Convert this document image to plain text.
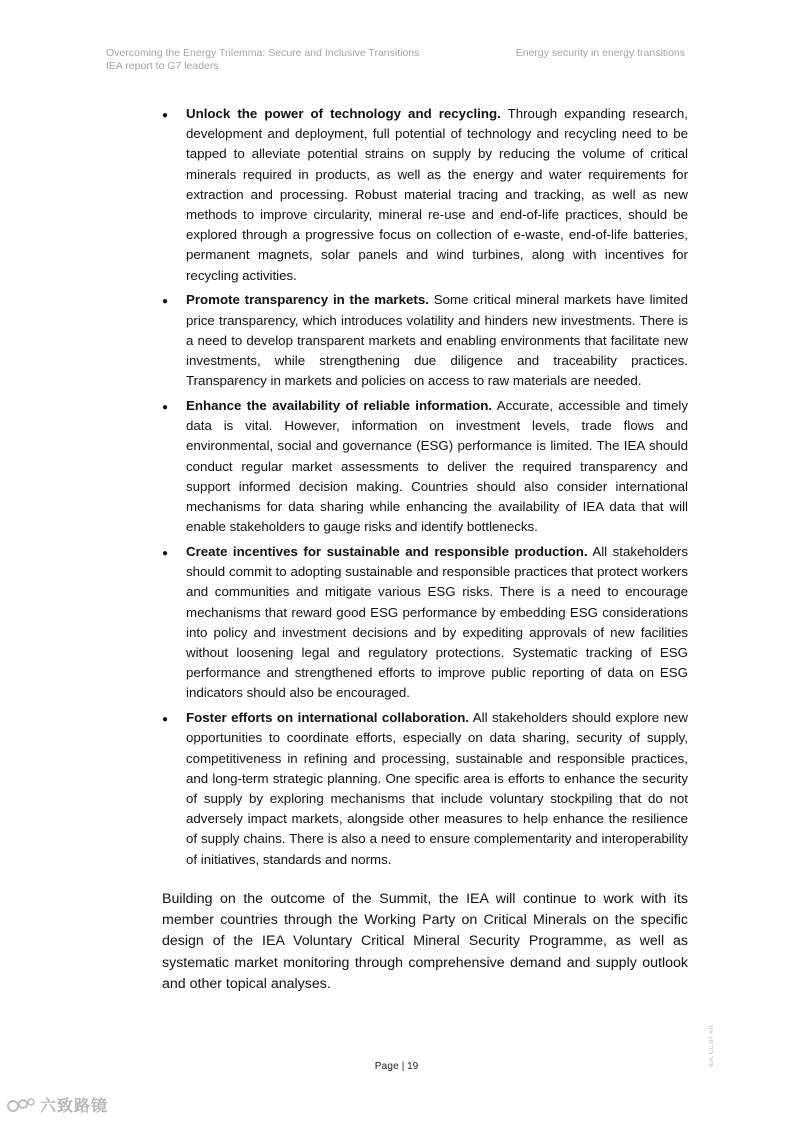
Overcoming the Energy Trilemma: Secure and Inclusive Transitions
IEA report to G7 leaders
Energy security in energy transitions
● Unlock the power of technology and recycling. Through expanding research, development and deployment, full potential of technology and recycling need to be tapped to alleviate potential strains on supply by reducing the volume of critical minerals required in products, as well as the energy and water requirements for extraction and processing. Robust material tracing and tracking, as well as new methods to improve circularity, mineral re-use and end-of-life practices, should be explored through a progressive focus on collection of e-waste, end-of-life batteries, permanent magnets, solar panels and wind turbines, along with incentives for recycling activities.
● Promote transparency in the markets. Some critical mineral markets have limited price transparency, which introduces volatility and hinders new investments. There is a need to develop transparent markets and enabling environments that facilitate new investments, while strengthening due diligence and traceability practices. Transparency in markets and policies on access to raw materials are needed.
● Enhance the availability of reliable information. Accurate, accessible and timely data is vital. However, information on investment levels, trade flows and environmental, social and governance (ESG) performance is limited. The IEA should conduct regular market assessments to deliver the required transparency and support informed decision making. Countries should also consider international mechanisms for data sharing while enhancing the availability of IEA data that will enable stakeholders to gauge risks and identify bottlenecks.
● Create incentives for sustainable and responsible production. All stakeholders should commit to adopting sustainable and responsible practices that protect workers and communities and mitigate various ESG risks. There is a need to encourage mechanisms that reward good ESG performance by embedding ESG considerations into policy and investment decisions and by expediting approvals of new facilities without loosening legal and regulatory protections. Systematic tracking of ESG performance and strengthened efforts to improve public reporting of data on ESG indicators should also be encouraged.
● Foster efforts on international collaboration. All stakeholders should explore new opportunities to coordinate efforts, especially on data sharing, security of supply, competitiveness in refining and processing, sustainable and responsible practices, and long-term strategic planning. One specific area is efforts to enhance the security of supply by exploring mechanisms that include voluntary stockpiling that do not adversely impact markets, alongside other measures to help enhance the resilience of supply chains. There is also a need to ensure complementarity and interoperability of initiatives, standards and norms.

Building on the outcome of the Summit, the IEA will continue to work with its member countries through the Working Party on Critical Minerals on the specific design of the IEA Voluntary Critical Mineral Security Programme, as well as systematic market monitoring through comprehensive demand and supply outlook and other topical analyses.

Page | 19	IEA. CC BY 4.0.
六致路镜
